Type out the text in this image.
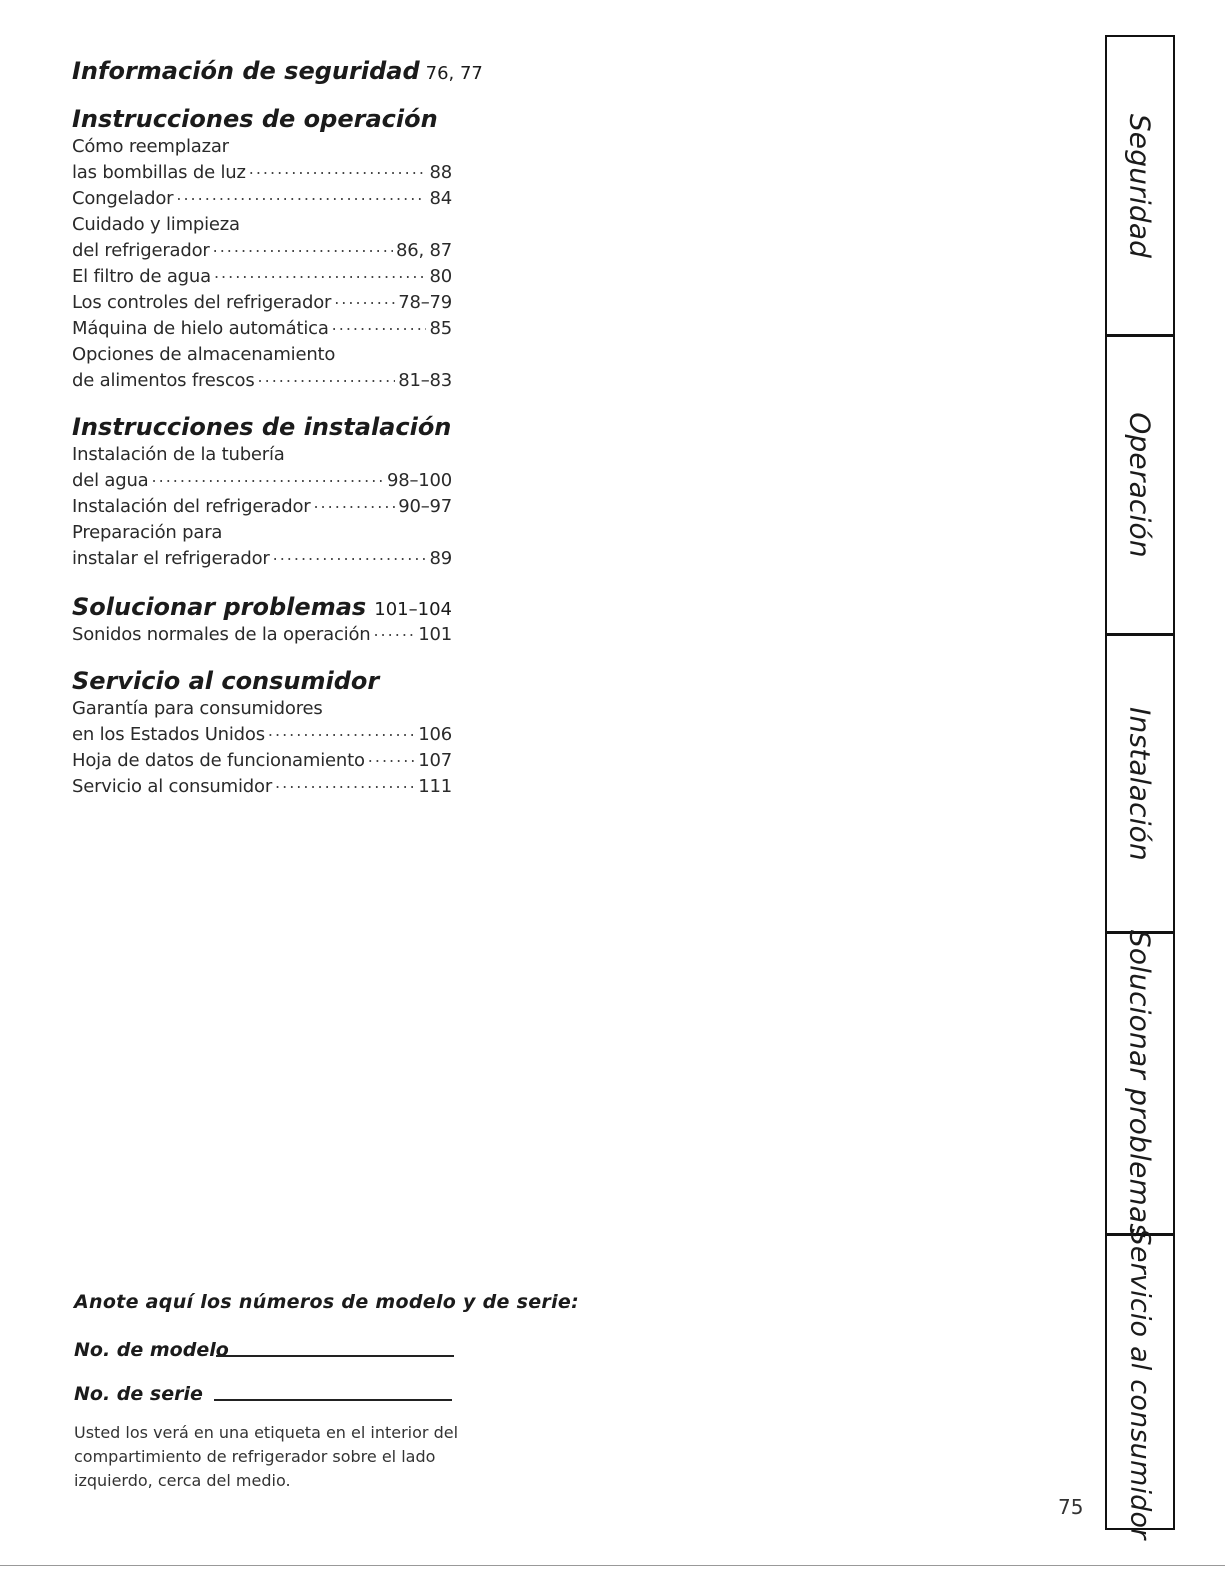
Información de seguridad 76, 77
Instrucciones de operación
Cómo reemplazar
las bombillas de luz .....	88
Congelador .....	84
Cuidado y limpieza
del refrigerador .....	86, 87
El filtro de agua .....	80
Los controles del refrigerador .....	78–79
Máquina de hielo automática .....	85
Opciones de almacenamiento
de alimentos frescos .....	81–83
Instrucciones de instalación
Instalación de la tubería
del agua .....	98–100
Instalación del refrigerador .....	90–97
Preparación para
instalar el refrigerador .....	89
Solucionar problemas ..... 101–104
Sonidos normales de la operación .....	101
Servicio al consumidor
Garantía para consumidores
en los Estados Unidos .....	106
Hoja de datos de funcionamiento .....	107
Servicio al consumidor .....	111
Anote aquí los números de modelo y de serie:
No. de modelo
No. de serie
Usted los verá en una etiqueta en el interior del compartimiento de refrigerador sobre el lado izquierdo, cerca del medio.
75
Seguridad
Operación
Instalación
Solucionar problemas
Servicio al consumidor
